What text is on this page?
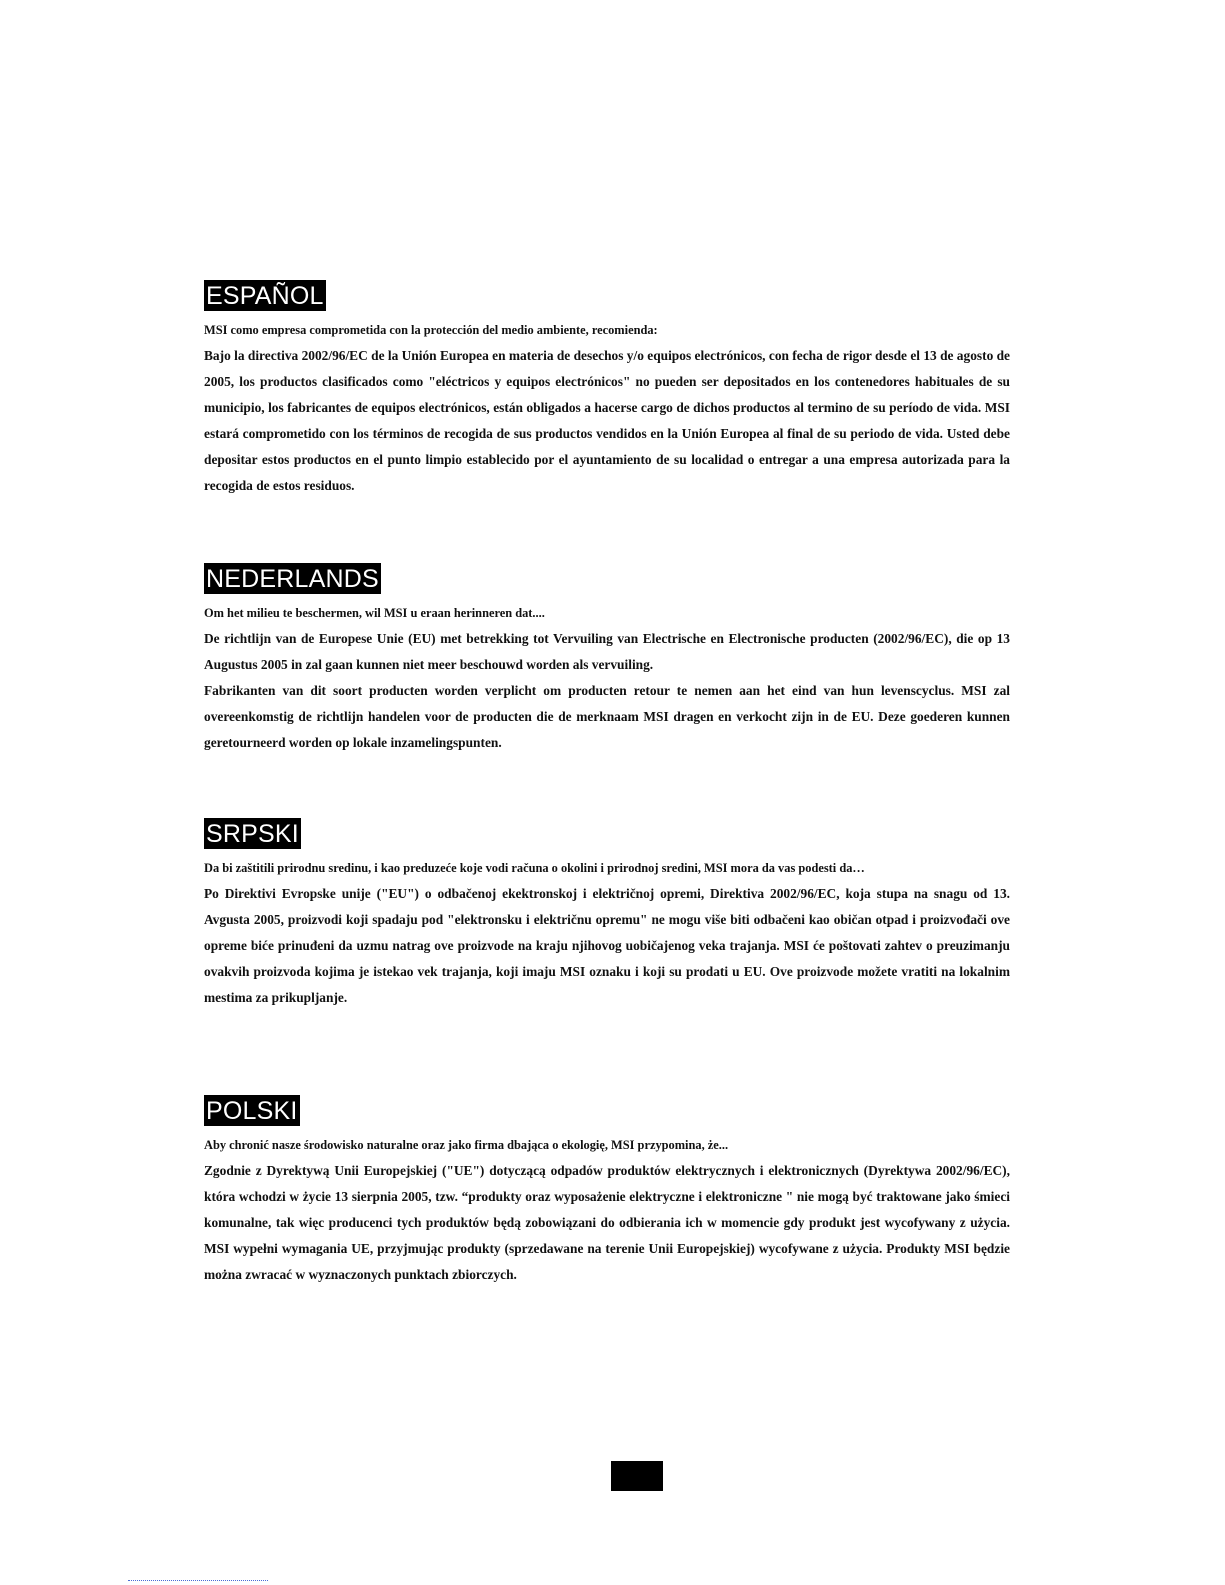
ESPAÑOL

MSI como empresa comprometida con la protección del medio ambiente, recomienda:

Bajo la directiva 2002/96/EC de la Unión Europea en materia de desechos y/o equipos electrónicos, con fecha de rigor desde el 13 de agosto de 2005, los productos clasificados como "eléctricos y equipos electrónicos" no pueden ser depositados en los contenedores habituales de su municipio, los fabricantes de equipos electrónicos, están obligados a hacerse cargo de dichos productos al termino de su período de vida. MSI estará comprometido con los términos de recogida de sus productos vendidos en la Unión Europea al final de su periodo de vida. Usted debe depositar estos productos en el punto limpio establecido por el ayuntamiento de su localidad o entregar a una empresa autorizada para la recogida de estos residuos.

NEDERLANDS

Om het milieu te beschermen, wil MSI u eraan herinneren dat....

De richtlijn van de Europese Unie (EU) met betrekking tot Vervuiling van Electrische en Electronische producten (2002/96/EC), die op 13 Augustus 2005 in zal gaan kunnen niet meer beschouwd worden als vervuiling.

Fabrikanten van dit soort producten worden verplicht om producten retour te nemen aan het eind van hun levenscyclus. MSI zal overeenkomstig de richtlijn handelen voor de producten die de merknaam MSI dragen en verkocht zijn in de EU. Deze goederen kunnen geretourneerd worden op lokale inzamelingspunten.

SRPSKI

Da bi zaštitili prirodnu sredinu, i kao preduzeće koje vodi računa o okolini i prirodnoj sredini, MSI mora da vas podesti da…

Po Direktivi Evropske unije ("EU") o odbačenoj ekektronskoj i električnoj opremi, Direktiva 2002/96/EC, koja stupa na snagu od 13. Avgusta 2005, proizvodi koji spadaju pod "elektronsku i električnu opremu" ne mogu više biti odbačeni kao običan otpad i proizvođači ove opreme biće prinuđeni da uzmu natrag ove proizvode na kraju njihovog uobičajenog veka trajanja. MSI će poštovati zahtev o preuzimanju ovakvih proizvoda kojima je istekao vek trajanja, koji imaju MSI oznaku i koji su prodati u EU. Ove proizvode možete vratiti na lokalnim mestima za prikupljanje.

POLSKI

Aby chronić nasze środowisko naturalne oraz jako firma dbająca o ekologię, MSI przypomina, że...

Zgodnie z Dyrektywą Unii Europejskiej ("UE") dotyczącą odpadów produktów elektrycznych i elektronicznych (Dyrektywa 2002/96/EC), która wchodzi w życie 13 sierpnia 2005, tzw. “produkty oraz wyposażenie elektryczne i elektroniczne " nie mogą być traktowane jako śmieci komunalne, tak więc producenci tych produktów będą zobowiązani do odbierania ich w momencie gdy produkt jest wycofywany z użycia. MSI wypełni wymagania UE, przyjmując produkty (sprzedawane na terenie Unii Europejskiej) wycofywane z użycia. Produkty MSI będzie można zwracać w wyznaczonych punktach zbiorczych.
